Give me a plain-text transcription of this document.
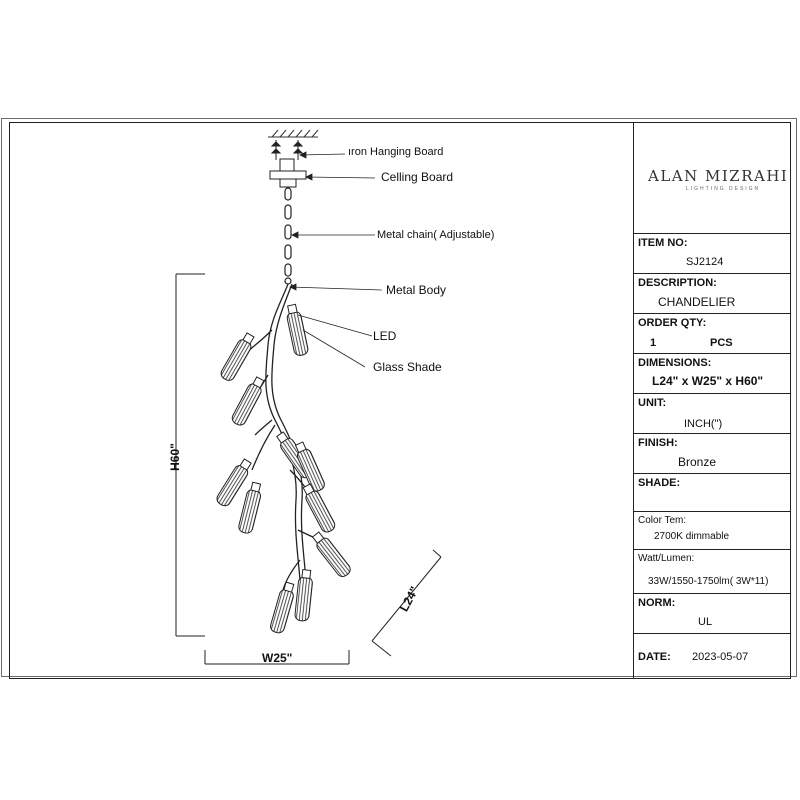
ıron Hanging Board
Celling Board
Metal chain( Adjustable)
Metal Body
LED
Glass Shade
H60"
W25"
L24"
ALAN MIZRAHI
LIGHTING DESIGN
ITEM NO:
SJ2124
DESCRIPTION:
CHANDELIER
ORDER QTY:
1	PCS
DIMENSIONS:
L24" x W25" x H60"
UNIT:
INCH(")
FINISH:
Bronze
SHADE:
Color Tem:
2700K dimmable
Watt/Lumen:
33W/1550-1750lm( 3W*11)
NORM:
UL
DATE: 2023-05-07
